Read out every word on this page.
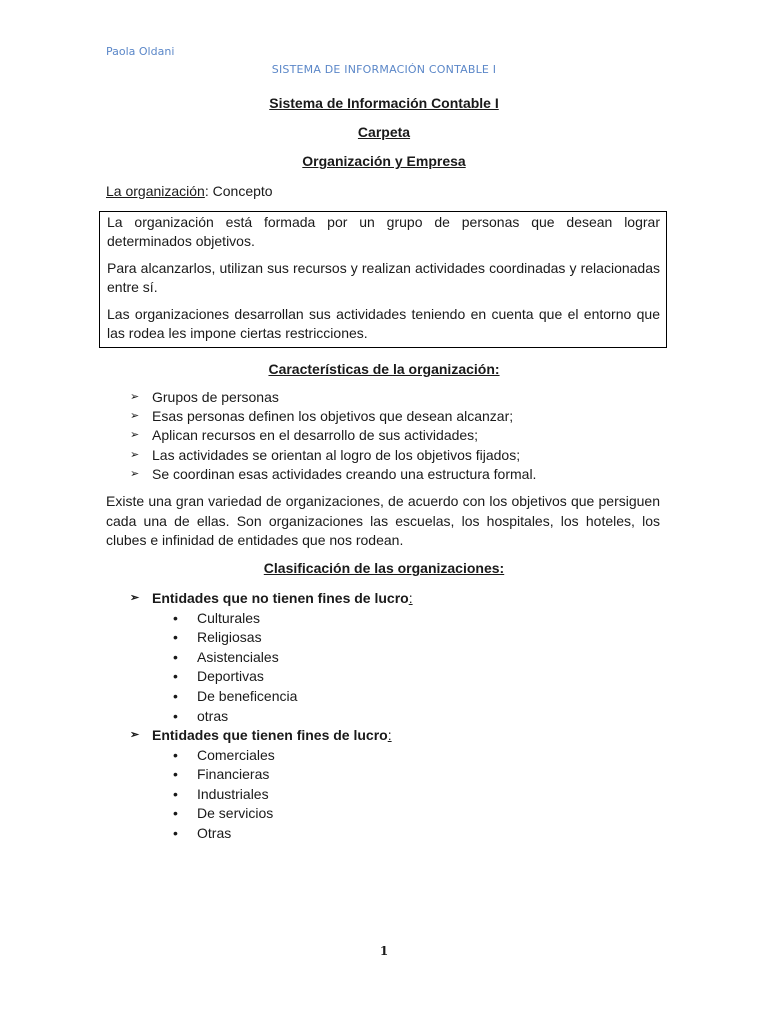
Paola Oldani
SISTEMA DE INFORMACIÓN CONTABLE I
Sistema de Información Contable I
Carpeta
Organización y Empresa
La organización: Concepto

La organización está formada por un grupo de personas que desean lograr determinados objetivos.

Para alcanzarlos, utilizan sus recursos y realizan actividades coordinadas y relacionadas entre sí.

Las organizaciones desarrollan sus actividades teniendo en cuenta que el entorno que las rodea les impone ciertas restricciones.

Características de la organización:
➢ Grupos de personas
➢ Esas personas definen los objetivos que desean alcanzar;
➢ Aplican recursos en el desarrollo de sus actividades;
➢ Las actividades se orientan al logro de los objetivos fijados;
➢ Se coordinan esas actividades creando una estructura formal.

Existe una gran variedad de organizaciones, de acuerdo con los objetivos que persiguen cada una de ellas. Son organizaciones las escuelas, los hospitales, los hoteles, los clubes e infinidad de entidades que nos rodean.

Clasificación de las organizaciones:
➢ Entidades que no tienen fines de lucro:
• Culturales
• Religiosas
• Asistenciales
• Deportivas
• De beneficencia
• otras
➢ Entidades que tienen fines de lucro:
• Comerciales
• Financieras
• Industriales
• De servicios
• Otras
1
